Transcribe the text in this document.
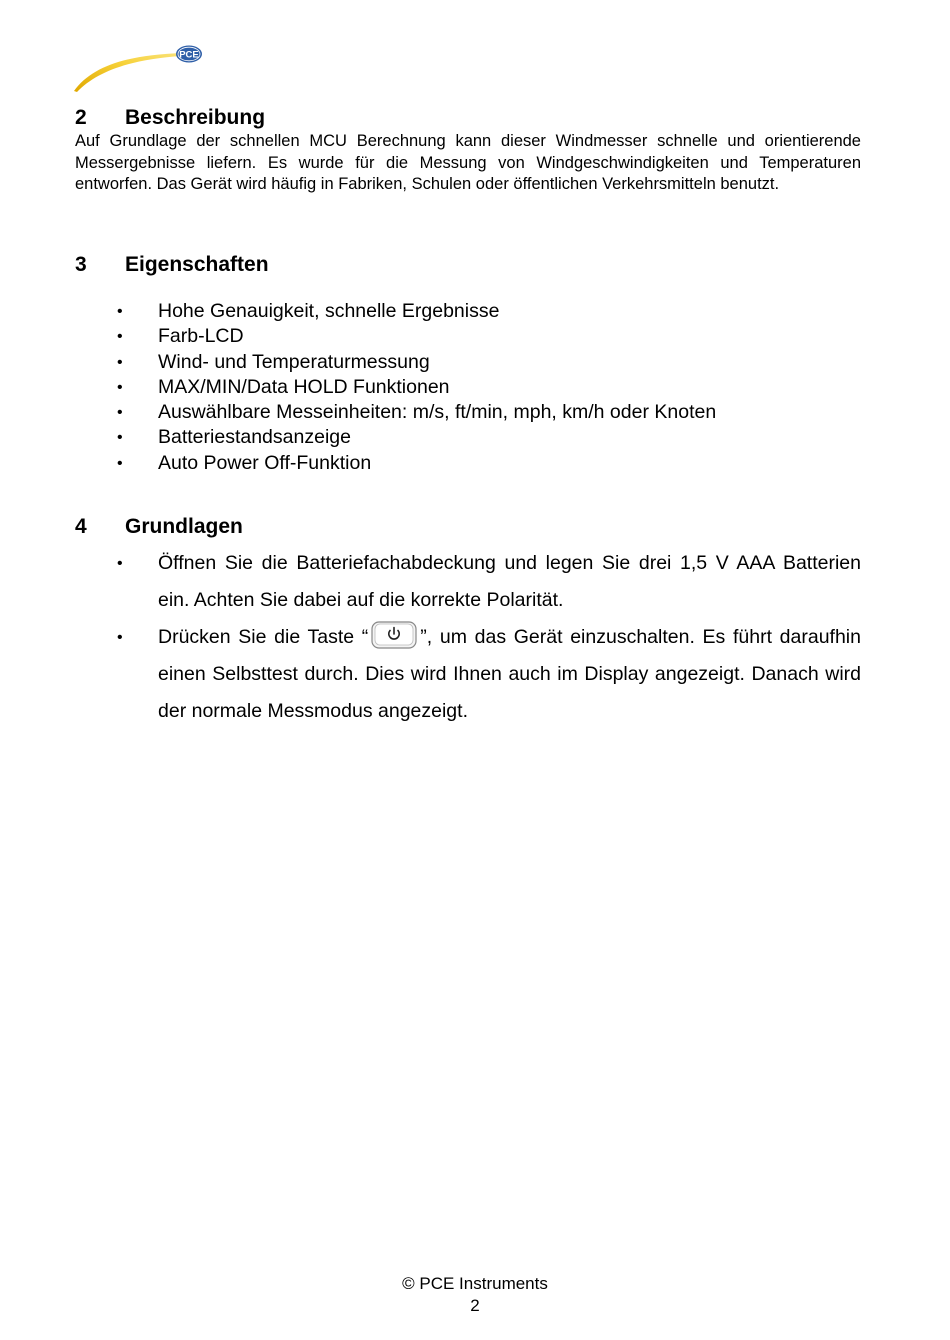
PCE
2 Beschreibung

Auf Grundlage der schnellen MCU Berechnung kann dieser Windmesser schnelle und orientierende Messergebnisse liefern. Es wurde für die Messung von Windgeschwindigkeiten und Temperaturen entworfen. Das Gerät wird häufig in Fabriken, Schulen oder öffentlichen Verkehrsmitteln benutzt.

3 Eigenschaften
• Hohe Genauigkeit, schnelle Ergebnisse
• Farb-LCD
• Wind- und Temperaturmessung
• MAX/MIN/Data HOLD Funktionen
• Auswählbare Messeinheiten: m/s, ft/min, mph, km/h oder Knoten
• Batteriestandsanzeige
• Auto Power Off-Funktion
4 Grundlagen
• Öffnen Sie die Batteriefachabdeckung und legen Sie drei 1,5 V AAA Batterien ein. Achten Sie dabei auf die korrekte Polarität.
• Drücken Sie die Taste “	”, um das Gerät einzuschalten. Es führt daraufhin einen Selbsttest durch. Dies wird Ihnen auch im Display angezeigt. Danach wird der normale Messmodus angezeigt.
© PCE Instruments
2
